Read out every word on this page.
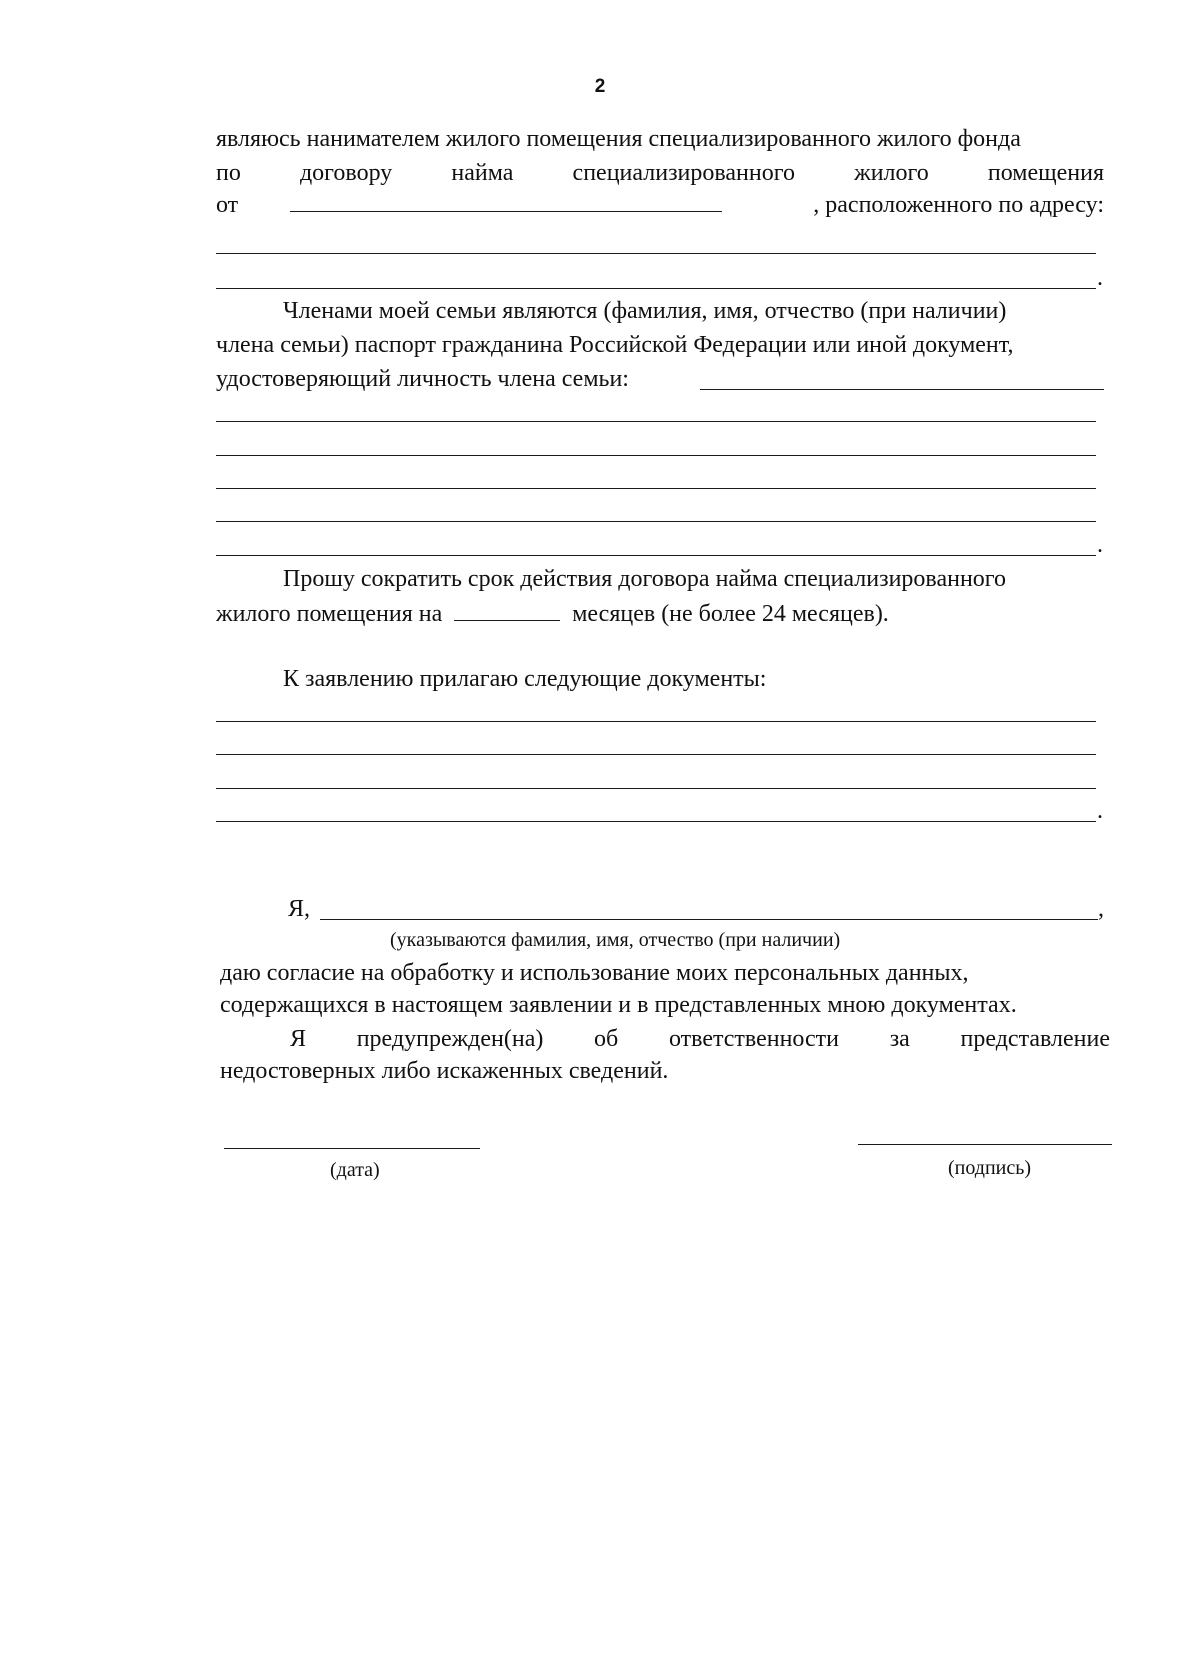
2
являюсь нанимателем жилого помещения специализированного жилого фонда
по договору найма специализированного жилого помещения
от	, расположенного по адресу:
.
Членами моей семьи являются (фамилия, имя, отчество (при наличии)
члена семьи) паспорт гражданина Российской Федерации или иной документ,
удостоверяющий личность члена семьи:
.
Прошу сократить срок действия договора найма специализированного
жилого помещения на	месяцев (не более 24 месяцев).
К заявлению прилагаю следующие документы:
.
Я,	,
(указываются фамилия, имя, отчество (при наличии)
даю согласие на обработку и использование моих персональных данных,
содержащихся в настоящем заявлении и в представленных мною документах.
Я предупрежден(на) об ответственности за представление
недостоверных либо искаженных сведений.
(дата)	(подпись)
